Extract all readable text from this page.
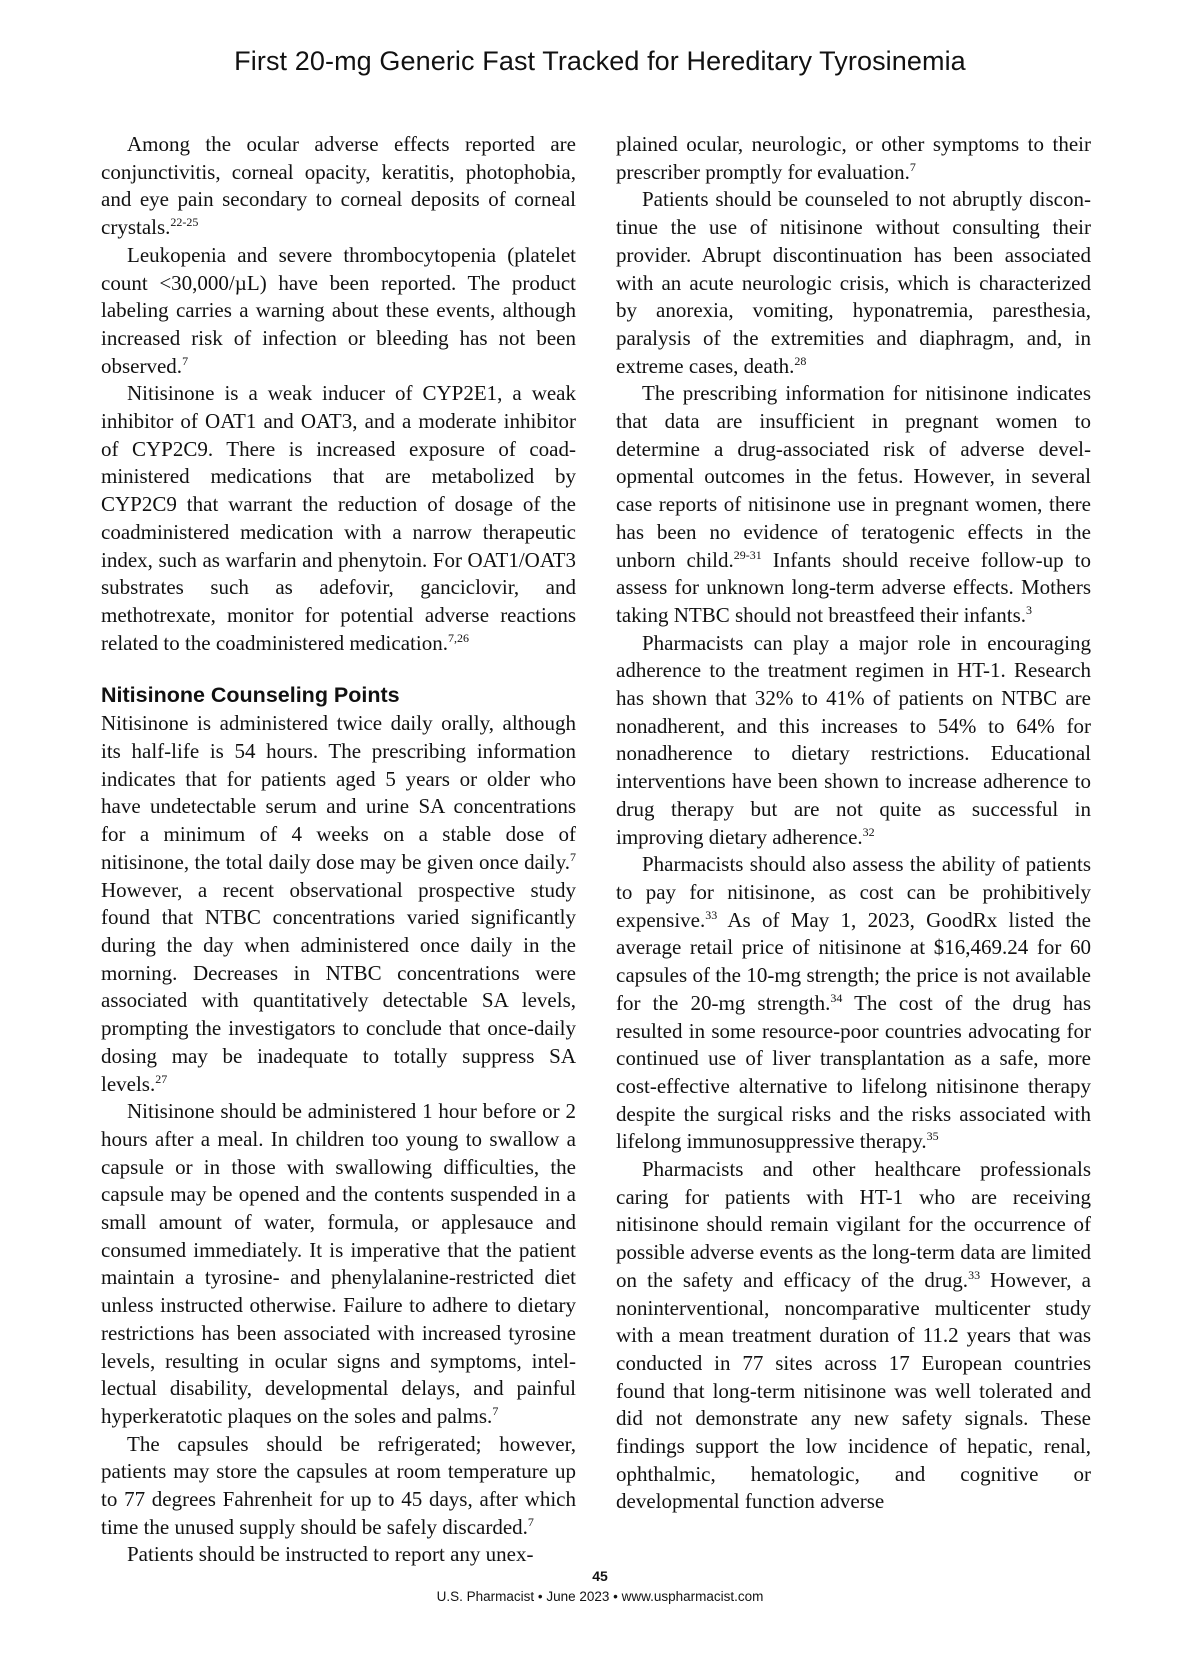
First 20-mg Generic Fast Tracked for Hereditary Tyrosinemia

Among the ocular adverse effects reported are conjunctivitis, corneal opacity, keratitis, photophobia, and eye pain secondary to corneal deposits of corneal crystals.$^{22-25}$

Leukopenia and severe thrombocytopenia (platelet count <30,000/µL) have been reported. The product labeling carries a warning about these events, although increased risk of infection or bleeding has not been observed.$^7$

Nitisinone is a weak inducer of CYP2E1, a weak inhibitor of OAT1 and OAT3, and a moderate inhibitor of CYP2C9. There is increased exposure of coadministered medications that are metabolized by CYP2C9 that warrant the reduction of dosage of the coadministered medication with a narrow therapeutic index, such as warfarin and phenytoin. For OAT1/​OAT3 substrates such as adefovir, ganciclovir, and methotrexate, monitor for potential adverse reactions related to the coadministered medication.$^{7,26}$

Nitisinone Counseling Points

Nitisinone is administered twice daily orally, although its half-life is 54 hours. The prescribing information indicates that for patients aged 5 years or older who have undetectable serum and urine SA concentrations for a minimum of 4 weeks on a stable dose of nitisinone, the total daily dose may be given once daily.$^7$ However, a recent observational prospective study found that NTBC concentrations varied significantly during the day when administered once daily in the morning. Decreases in NTBC concentrations were associated with quantitatively detectable SA levels, prompting the investigators to conclude that once-daily dosing may be inadequate to totally suppress SA levels.$^{27}$

Nitisinone should be administered 1 hour before or 2 hours after a meal. In children too young to swallow a capsule or in those with swallowing difficulties, the capsule may be opened and the contents suspended in a small amount of water, formula, or applesauce and consumed immediately. It is imperative that the patient maintain a tyrosine- and phenylalanine-restricted diet unless instructed otherwise. Failure to adhere to dietary restrictions has been associated with increased tyrosine levels, resulting in ocular signs and symptoms, intellectual disability, developmental delays, and painful hyperkeratotic plaques on the soles and palms.$^7$

The capsules should be refrigerated; however, patients may store the capsules at room temperature up to 77 degrees Fahrenheit for up to 45 days, after which time the unused supply should be safely discarded.$^7$

Patients should be instructed to report any unex-

plained ocular, neurologic, or other symptoms to their prescriber promptly for evaluation.$^7$

Patients should be counseled to not abruptly discontinue the use of nitisinone without consulting their provider. Abrupt discontinuation has been associated with an acute neurologic crisis, which is characterized by anorexia, vomiting, hyponatremia, paresthesia, paralysis of the extremities and diaphragm, and, in extreme cases, death.$^{28}$

The prescribing information for nitisinone indicates that data are insufficient in pregnant women to determine a drug-associated risk of adverse developmental outcomes in the fetus. However, in several case reports of nitisinone use in pregnant women, there has been no evidence of teratogenic effects in the unborn child.$^{29-31}$ Infants should receive follow-up to assess for unknown long-term adverse effects. Mothers taking NTBC should not breastfeed their infants.$^3$

Pharmacists can play a major role in encouraging adherence to the treatment regimen in HT-1. Research has shown that 32% to 41% of patients on NTBC are nonadherent, and this increases to 54% to 64% for nonadherence to dietary restrictions. Educational interventions have been shown to increase adherence to drug therapy but are not quite as successful in improving dietary adherence.$^{32}$

Pharmacists should also assess the ability of patients to pay for nitisinone, as cost can be prohibitively expensive.$^{33}$ As of May 1, 2023, GoodRx listed the average retail price of nitisinone at $16,469.24 for 60 capsules of the 10-mg strength; the price is not available for the 20-mg strength.$^{34}$ The cost of the drug has resulted in some resource-poor countries advocating for continued use of liver transplantation as a safe, more cost-effective alternative to lifelong nitisinone therapy despite the surgical risks and the risks associated with lifelong immunosuppressive therapy.$^{35}$

Pharmacists and other healthcare professionals caring for patients with HT-1 who are receiving nitisinone should remain vigilant for the occurrence of possible adverse events as the long-term data are limited on the safety and efficacy of the drug.$^{33}$ However, a noninterventional, noncomparative multicenter study with a mean treatment duration of 11.2 years that was conducted in 77 sites across 17 European countries found that long-term nitisinone was well tolerated and did not demonstrate any new safety signals. These findings support the low incidence of hepatic, renal, ophthalmic, hematologic, and cognitive or developmental function adverse

45
U.S. Pharmacist • June 2023 • www.uspharmacist.com
